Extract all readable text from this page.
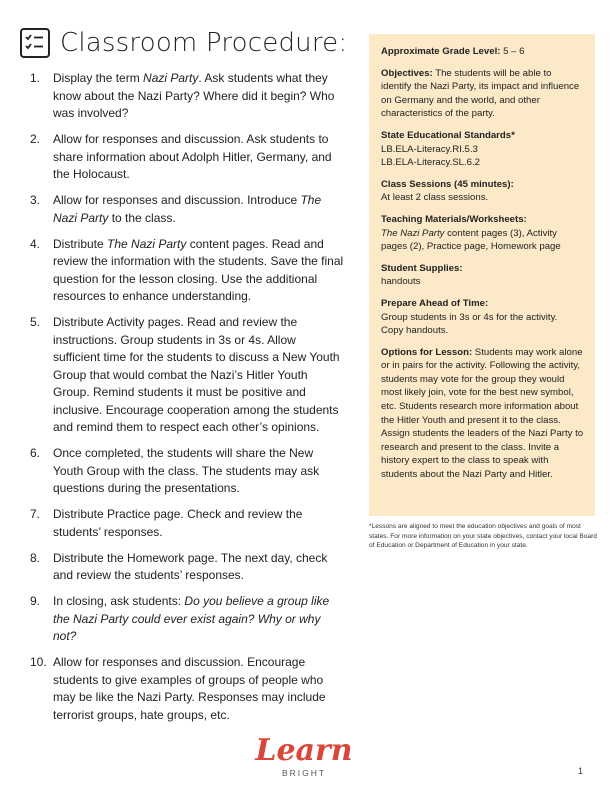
Classroom Procedure:
1. Display the term Nazi Party. Ask students what they know about the Nazi Party? Where did it begin? Who was involved?
2. Allow for responses and discussion. Ask students to share information about Adolph Hitler, Germany, and the Holocaust.
3. Allow for responses and discussion. Introduce The Nazi Party to the class.
4. Distribute The Nazi Party content pages. Read and review the information with the students. Save the final question for the lesson closing. Use the additional resources to enhance understanding.
5. Distribute Activity pages. Read and review the instructions. Group students in 3s or 4s. Allow sufficient time for the students to discuss a New Youth Group that would combat the Nazi’s Hitler Youth Group. Remind students it must be positive and inclusive. Encourage cooperation among the students and remind them to respect each other’s opinions.
6. Once completed, the students will share the New Youth Group with the class. The students may ask questions during the presentations.
7. Distribute Practice page. Check and review the students’ responses.
8. Distribute the Homework page. The next day, check and review the students’ responses.
9. In closing, ask students: Do you believe a group like the Nazi Party could ever exist again? Why or why not?
10. Allow for responses and discussion. Encourage students to give examples of groups of people who may be like the Nazi Party. Responses may include terrorist groups, hate groups, etc.
Approximate Grade Level: 5 – 6
Objectives: The students will be able to identify the Nazi Party, its impact and influence on Germany and the world, and other characteristics of the party.
State Educational Standards*
LB.ELA-Literacy.RI.5.3
LB.ELA-Literacy.SL.6.2
Class Sessions (45 minutes):
At least 2 class sessions.
Teaching Materials/Worksheets:
The Nazi Party content pages (3), Activity pages (2), Practice page, Homework page
Student Supplies:
handouts
Prepare Ahead of Time:
Group students in 3s or 4s for the activity.
Copy handouts.
Options for Lesson: Students may work alone or in pairs for the activity. Following the activity, students may vote for the group they would most likely join, vote for the best new symbol, etc. Students research more information about the Hitler Youth and present it to the class. Assign students the leaders of the Nazi Party to research and present to the class. Invite a history expert to the class to speak with students about the Nazi Party and Hitler.
*Lessons are aligned to meet the education objectives and goals of most states. For more information on your state objectives, contact your local Board of Education or Department of Education in your state.
Learn
BRIGHT	1
